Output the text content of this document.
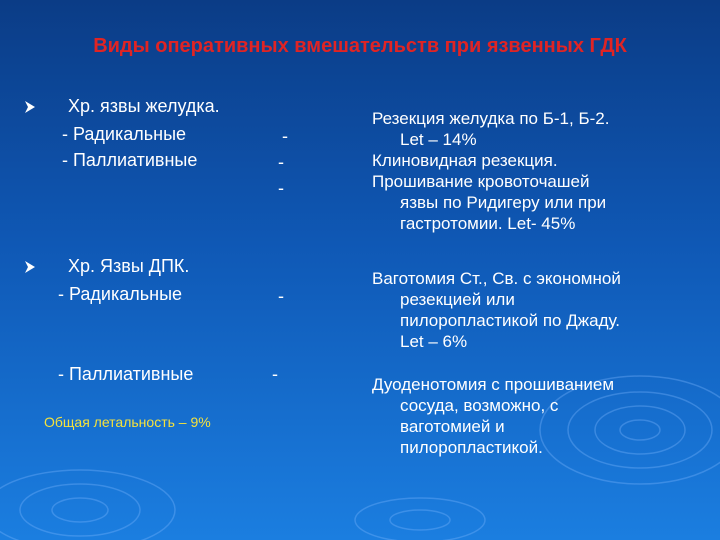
Виды оперативных вмешательств при язвенных ГДК
Хр. язвы желудка.
- Радикальные
- Паллиативные
-
-
-
Резекция желудка по Б-1, Б-2.
Let – 14%
Клиновидная резекция.
Прошивание кровоточашей
язвы по Ридигеру или при
гастротомии. Let- 45%
Хр. Язвы ДПК.
- Радикальные
- Паллиативные
-
-
Ваготомия Ст., Св. с экономной
резекцией или
пилоропластикой по Джаду.
Let – 6%
Дуоденотомия с прошиванием
сосуда, возможно, с
ваготомией и
пилоропластикой.
Общая летальность – 9%
